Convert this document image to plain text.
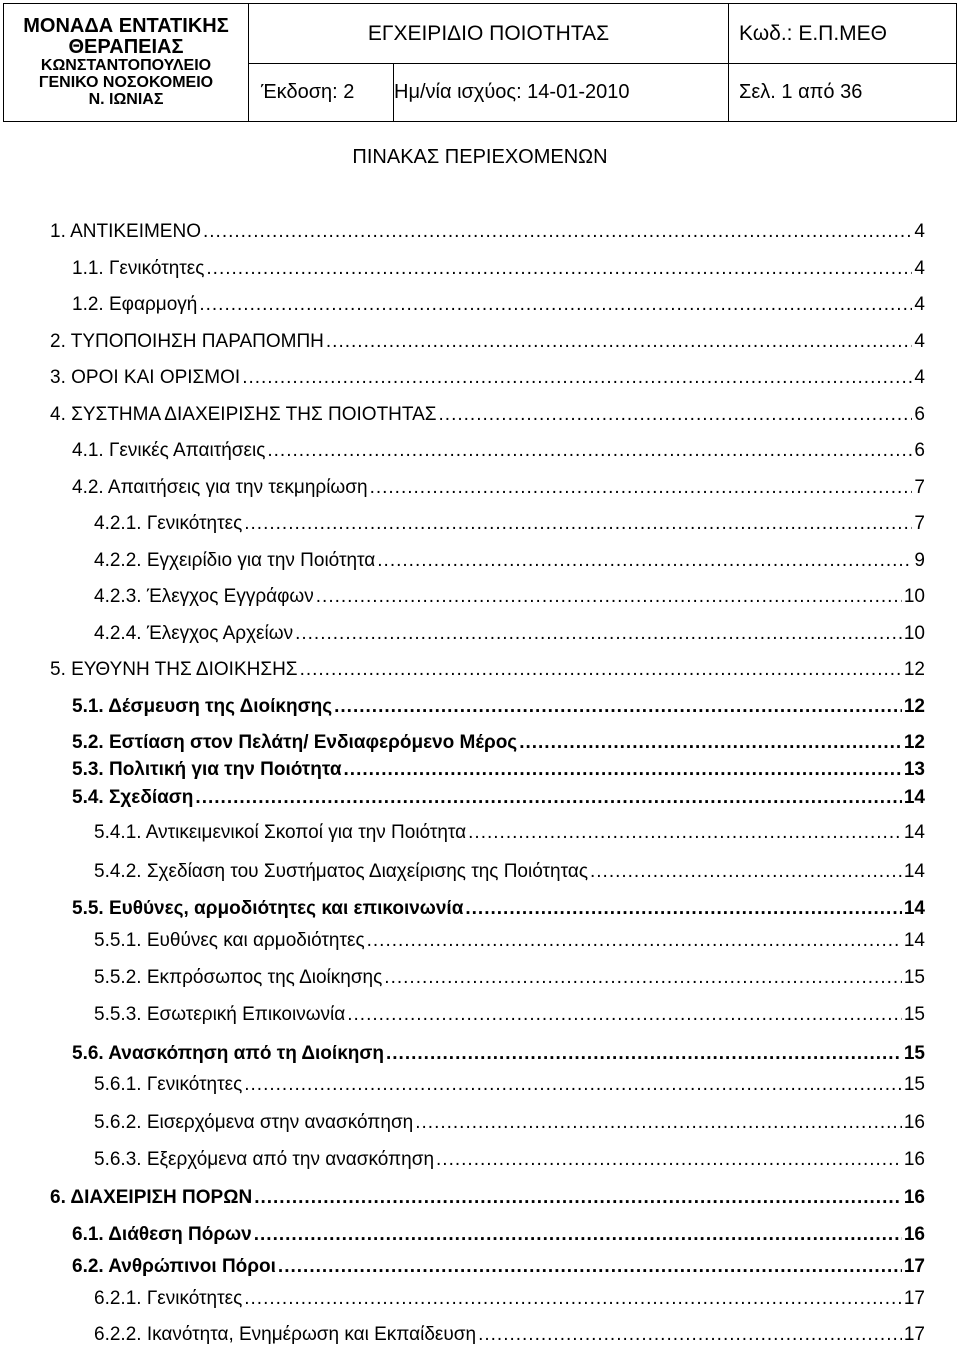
ΜΟΝΑΔΑ ΕΝΤΑΤΙΚΗΣ
ΘΕΡΑΠΕΙΑΣ
ΚΩΝΣΤΑΝΤΟΠΟΥΛΕΙΟ
ΓΕΝΙΚΟ ΝΟΣΟΚΟΜΕΙΟ
Ν. ΙΩΝΙΑΣ	ΕΓΧΕΙΡΙΔΙΟ ΠΟΙΟΤΗΤΑΣ		Κωδ.: Ε.Π.ΜΕΘ
	Έκδοση: 2	Ημ/νία ισχύος: 14-01-2010	Σελ. 1 από 36
ΠΙΝΑΚΑΣ ΠΕΡΙΕΧΟΜΕΝΩΝ
1. ΑΝΤΙΚΕΙΜΕΝΟ .....	4
1.1. Γενικότητες .....	4
1.2. Εφαρμογή .....	4
2. ΤΥΠΟΠΟΙΗΣΗ ΠΑΡΑΠΟΜΠΗ .....	4
3. ΟΡΟΙ ΚΑΙ ΟΡΙΣΜΟΙ .....	4
4. ΣΥΣΤΗΜΑ ΔΙΑΧΕΙΡΙΣΗΣ ΤΗΣ ΠΟΙΟΤΗΤΑΣ .....	6
4.1. Γενικές Απαιτήσεις .....	6
4.2. Απαιτήσεις για την τεκμηρίωση .....	7
4.2.1. Γενικότητες .....	7
4.2.2. Εγχειρίδιο για την Ποιότητα .....	9
4.2.3. Έλεγχος Εγγράφων .....	10
4.2.4. Έλεγχος Αρχείων .....	10
5. ΕΥΘΥΝΗ ΤΗΣ ΔΙΟΙΚΗΣΗΣ .....	12
5.1. Δέσμευση της Διοίκησης .....	12
5.2. Εστίαση στον Πελάτη/ Ενδιαφερόμενο Μέρος .....	12
5.3. Πολιτική για την Ποιότητα .....	13
5.4. Σχεδίαση .....	14
5.4.1. Αντικειμενικοί Σκοποί για την Ποιότητα .....	14
5.4.2. Σχεδίαση του Συστήματος Διαχείρισης της Ποιότητας .....	14
5.5. Ευθύνες, αρμοδιότητες και επικοινωνία .....	14
5.5.1. Ευθύνες και αρμοδιότητες .....	14
5.5.2. Εκπρόσωπος της Διοίκησης .....	15
5.5.3. Εσωτερική Επικοινωνία .....	15
5.6. Ανασκόπηση από τη Διοίκηση .....	15
5.6.1. Γενικότητες .....	15
5.6.2. Εισερχόμενα στην ανασκόπηση .....	16
5.6.3. Εξερχόμενα από την ανασκόπηση .....	16
6. ΔΙΑΧΕΙΡΙΣΗ ΠΟΡΩΝ .....	16
6.1. Διάθεση Πόρων .....	16
6.2. Ανθρώπινοι Πόροι .....	17
6.2.1. Γενικότητες .....	17
6.2.2. Ικανότητα, Ενημέρωση και Εκπαίδευση .....	17
